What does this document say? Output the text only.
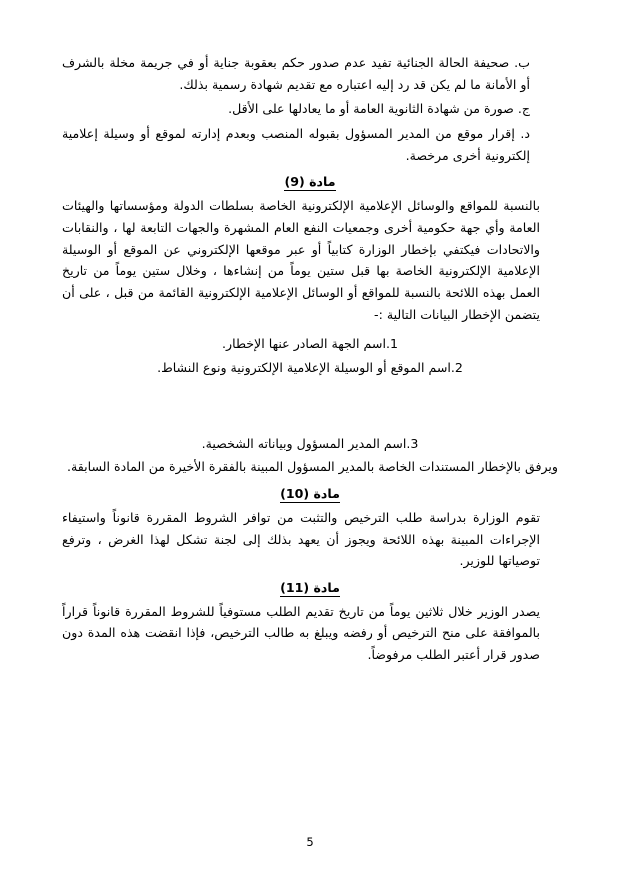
ب. صحيفة الحالة الجنائية تفيد عدم صدور حكم بعقوبة جناية أو في جريمة مخلة بالشرف أو الأمانة ما لم يكن قد رد إليه اعتباره مع تقديم شهادة رسمية بذلك.

ج. صورة من شهادة الثانوية العامة أو ما يعادلها على الأقل.

د. إقرار موقع من المدير المسؤول بقبوله المنصب وبعدم إدارته لموقع أو وسيلة إعلامية إلكترونية أخرى مرخصة.

مادة (9)

بالنسبة للمواقع والوسائل الإعلامية الإلكترونية الخاصة بسلطات الدولة ومؤسساتها والهيئات العامة وأي جهة حكومية أخرى وجمعيات النفع العام المشهرة والجهات التابعة لها ، والنقابات والاتحادات فيكتفي بإخطار الوزارة كتابياً أو عبر موقعها الإلكتروني عن الموقع أو الوسيلة الإعلامية الإلكترونية الخاصة بها قبل ستين يوماً من إنشاءها ، وخلال ستين يوماً من تاريخ العمل بهذه اللائحة بالنسبة للمواقع أو الوسائل الإعلامية الإلكترونية القائمة من قبل ، على أن يتضمن الإخطار البيانات التالية :-

1.اسم الجهة الصادر عنها الإخطار.

2.اسم الموقع أو الوسيلة الإعلامية الإلكترونية ونوع النشاط.

3.اسم المدير المسؤول وبياناته الشخصية.

ويرفق بالإخطار المستندات الخاصة بالمدير المسؤول المبينة بالفقرة الأخيرة من المادة السابقة.

مادة (10)

تقوم الوزارة بدراسة طلب الترخيص والتثبت من توافر الشروط المقررة قانوناً واستيفاء الإجراءات المبينة بهذه اللائحة ويجوز أن يعهد بذلك إلى لجنة تشكل لهذا الغرض ، وترفع توصياتها للوزير.

مادة (11)

يصدر الوزير خلال ثلاثين يوماً من تاريخ تقديم الطلب مستوفياً للشروط المقررة قانوناً قراراً بالموافقة على منح الترخيص أو رفضه ويبلغ به طالب الترخيص، فإذا انقضت هذه المدة دون صدور قرار أعتبر الطلب مرفوضاً.

5
